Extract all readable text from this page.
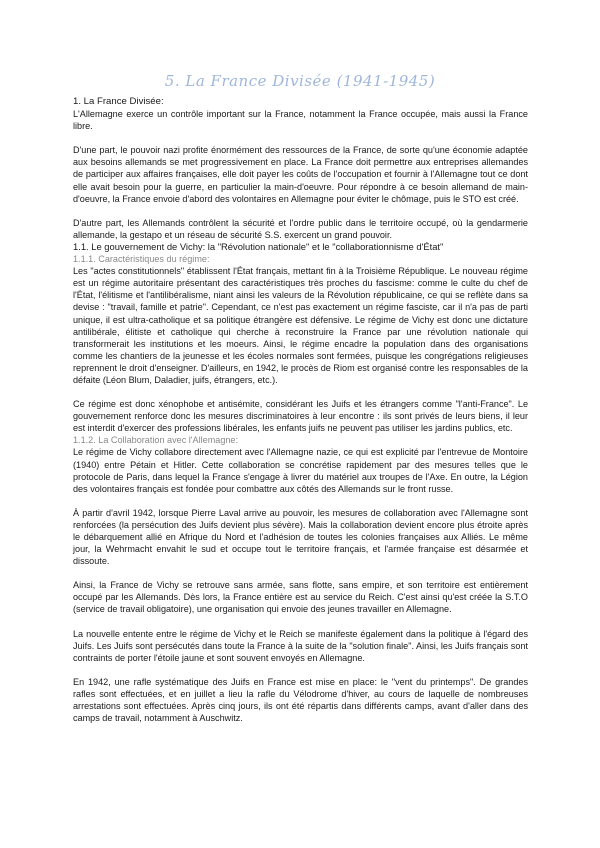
5. La France Divisée (1941-1945)

1. La France Divisée:

L'Allemagne exerce un contrôle important sur la France, notamment la France occupée, mais aussi la France libre.

D'une part, le pouvoir nazi profite énormément des ressources de la France, de sorte qu'une économie adaptée aux besoins allemands se met progressivement en place. La France doit permettre aux entreprises allemandes de participer aux affaires françaises, elle doit payer les coûts de l'occupation et fournir à l'Allemagne tout ce dont elle avait besoin pour la guerre, en particulier la main-d'oeuvre. Pour répondre à ce besoin allemand de main-d'oeuvre, la France envoie d'abord des volontaires en Allemagne pour éviter le chômage, puis le STO est créé.

D'autre part, les Allemands contrôlent la sécurité et l'ordre public dans le territoire occupé, où la gendarmerie allemande, la gestapo et un réseau de sécurité S.S. exercent un grand pouvoir.

1.1. Le gouvernement de Vichy: la "Révolution nationale" et le "collaborationnisme d'État"

1.1.1. Caractéristiques du régime:

Les "actes constitutionnels" établissent l'État français, mettant fin à la Troisième République. Le nouveau régime est un régime autoritaire présentant des caractéristiques très proches du fascisme: comme le culte du chef de l'État, l'élitisme et l'antilibéralisme, niant ainsi les valeurs de la Révolution républicaine, ce qui se reflète dans sa devise : "travail, famille et patrie". Cependant, ce n'est pas exactement un régime fasciste, car il n'a pas de parti unique, il est ultra-catholique et sa politique étrangère est défensive. Le régime de Vichy est donc une dictature antilibérale, élitiste et catholique qui cherche à reconstruire la France par une révolution nationale qui transformerait les institutions et les moeurs. Ainsi, le régime encadre la population dans des organisations comme les chantiers de la jeunesse et les écoles normales sont fermées, puisque les congrégations religieuses reprennent le droit d'enseigner. D'ailleurs, en 1942, le procès de Riom est organisé contre les responsables de la défaite (Léon Blum, Daladier, juifs, étrangers, etc.).

Ce régime est donc xénophobe et antisémite, considérant les Juifs et les étrangers comme "l'anti-France". Le gouvernement renforce donc les mesures discriminatoires à leur encontre : ils sont privés de leurs biens, il leur est interdit d'exercer des professions libérales, les enfants juifs ne peuvent pas utiliser les jardins publics, etc.

1.1.2. La Collaboration avec l'Allemagne:

Le régime de Vichy collabore directement avec l'Allemagne nazie, ce qui est explicité par l'entrevue de Montoire (1940) entre Pétain et Hitler. Cette collaboration se concrétise rapidement par des mesures telles que le protocole de Paris, dans lequel la France s'engage à livrer du matériel aux troupes de l'Axe. En outre, la Légion des volontaires français est fondée pour combattre aux côtés des Allemands sur le front russe.

À partir d'avril 1942, lorsque Pierre Laval arrive au pouvoir, les mesures de collaboration avec l'Allemagne sont renforcées (la persécution des Juifs devient plus sévère). Mais la collaboration devient encore plus étroite après le débarquement allié en Afrique du Nord et l'adhésion de toutes les colonies françaises aux Alliés. Le même jour, la Wehrmacht envahit le sud et occupe tout le territoire français, et l'armée française est désarmée et dissoute.

Ainsi, la France de Vichy se retrouve sans armée, sans flotte, sans empire, et son territoire est entièrement occupé par les Allemands. Dès lors, la France entière est au service du Reich. C'est ainsi qu'est créée la S.T.O (service de travail obligatoire), une organisation qui envoie des jeunes travailler en Allemagne.

La nouvelle entente entre le régime de Vichy et le Reich se manifeste également dans la politique à l'égard des Juifs. Les Juifs sont persécutés dans toute la France à la suite de la "solution finale". Ainsi, les Juifs français sont contraints de porter l'étoile jaune et sont souvent envoyés en Allemagne.

En 1942, une rafle systématique des Juifs en France est mise en place: le "vent du printemps". De grandes rafles sont effectuées, et en juillet a lieu la rafle du Vélodrome d'hiver, au cours de laquelle de nombreuses arrestations sont effectuées. Après cinq jours, ils ont été répartis dans différents camps, avant d'aller dans des camps de travail, notamment à Auschwitz.
